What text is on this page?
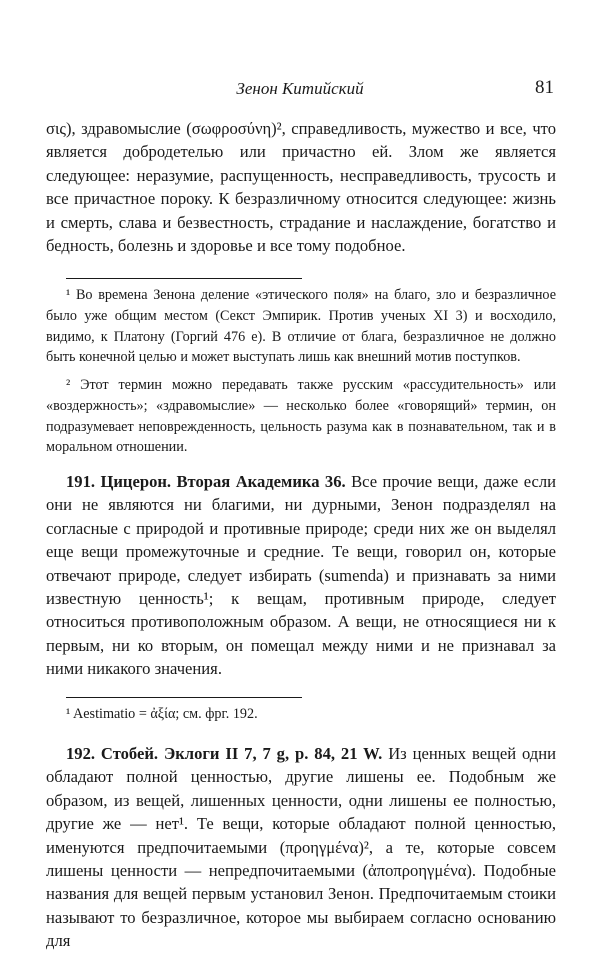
Зенон Китийский	81

σις), здравомыслие (σωφροσύνη)², справедливость, мужество и все, что является добродетелью или причастно ей. Злом же является следующее: неразумие, распущенность, несправедливость, трусость и все причастное пороку. К безразличному относится следующее: жизнь и смерть, слава и безвестность, страдание и наслаждение, богатство и бедность, болезнь и здоровье и все тому подобное.

¹ Во времена Зенона деление «этического поля» на благо, зло и безразличное было уже общим местом (Секст Эмпирик. Против ученых XI 3) и восходило, видимо, к Платону (Горгий 476 е). В отличие от блага, безразличное не должно быть конечной целью и может выступать лишь как внешний мотив поступков.

² Этот термин можно передавать также русским «рассудительность» или «воздержность»; «здравомыслие» — несколько более «говорящий» термин, он подразумевает неповрежденность, цельность разума как в познавательном, так и в моральном отношении.

191. Цицерон. Вторая Академика 36. Все прочие вещи, даже если они не являются ни благими, ни дурными, Зенон подразделял на согласные с природой и противные природе; среди них же он выделял еще вещи промежуточные и средние. Те вещи, говорил он, которые отвечают природе, следует избирать (sumenda) и признавать за ними известную ценность¹; к вещам, противным природе, следует относиться противоположным образом. А вещи, не относящиеся ни к первым, ни ко вторым, он помещал между ними и не признавал за ними никакого значения.

¹ Aestimatio = ἀξία; см. фрг. 192.

192. Стобей. Эклоги II 7, 7 g, p. 84, 21 W. Из ценных вещей одни обладают полной ценностью, другие лишены ее. Подобным же образом, из вещей, лишенных ценности, одни лишены ее полностью, другие же — нет¹. Те вещи, которые обладают полной ценностью, именуются предпочитаемыми (προηγμένα)², а те, которые совсем лишены ценности — непредпочитаемыми (ἀποπροηγμένα). Подобные названия для вещей первым установил Зенон. Предпочитаемым стоики называют то безразличное, которое мы выбираем согласно основанию для
